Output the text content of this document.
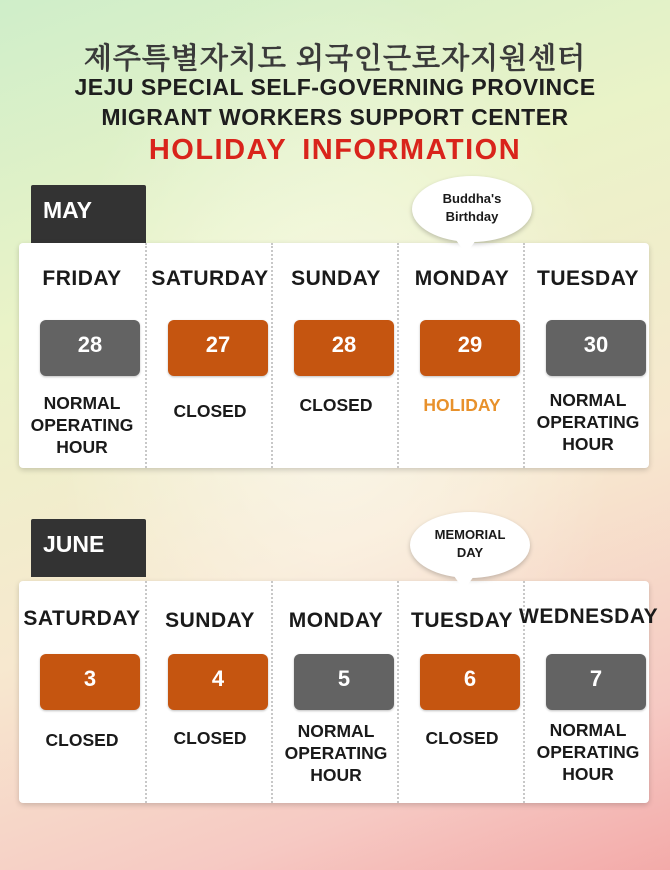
제주특별자치도 외국인근로자지원센터
JEJU SPECIAL SELF-GOVERNING PROVINCE
MIGRANT WORKERS SUPPORT CENTER
HOLIDAY INFORMATION
MAY
FRIDAY
28
NORMAL
OPERATING
HOUR
SATURDAY
27
CLOSED
SUNDAY
28
CLOSED
MONDAY
29
HOLIDAY
TUESDAY
30
NORMAL
OPERATING
HOUR
Buddha's
Birthday
JUNE
SATURDAY
3
CLOSED
SUNDAY
4
CLOSED
MONDAY
5
NORMAL
OPERATING
HOUR
TUESDAY
6
CLOSED
WEDNESDAY
7
NORMAL
OPERATING
HOUR
MEMORIAL
DAY
